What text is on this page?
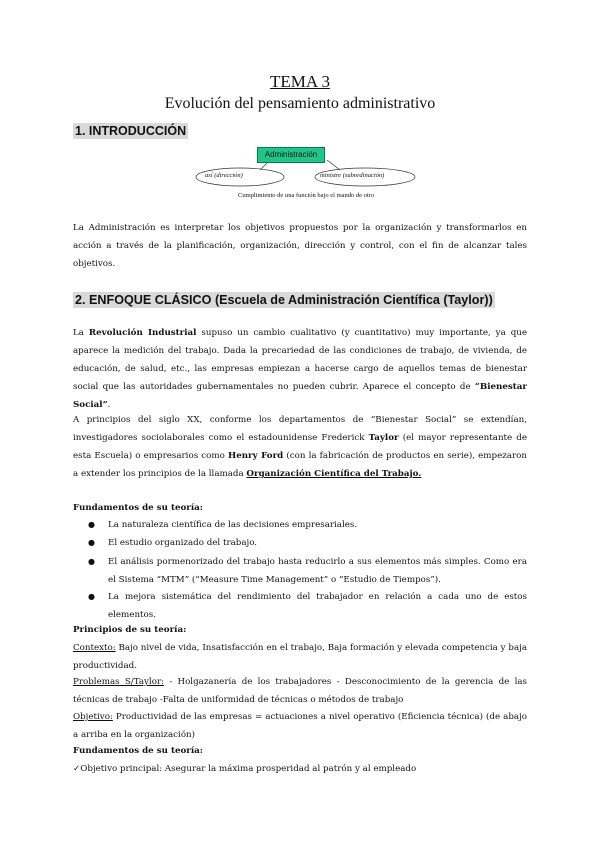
TEMA 3
Evolución del pensamiento administrativo
1. INTRODUCCIÓN
Administración
así (dirección)	ministre (subordinación)
Cumplimiento de una función bajo el mando de otro
La Administración es interpretar los objetivos propuestos por la organización y transformarlos en acción a través de la planificación, organización, dirección y control, con el fin de alcanzar tales objetivos.
2. ENFOQUE CLÁSICO (Escuela de Administración Científica (Taylor))
La Revolución Industrial supuso un cambio cualitativo (y cuantitativo) muy importante, ya que aparece la medición del trabajo. Dada la precariedad de las condiciones de trabajo, de vivienda, de educación, de salud, etc., las empresas empiezan a hacerse cargo de aquellos temas de bienestar social que las autoridades gubernamentales no pueden cubrir. Aparece el concepto de “Bienestar Social”.
A principios del siglo XX, conforme los departamentos de “Bienestar Social” se extendían, investigadores sociolaborales como el estadounidense Frederick Taylor (el mayor representante de esta Escuela) o empresarios como Henry Ford (con la fabricación de productos en serie), empezaron a extender los principios de la llamada Organización Científica del Trabajo.
Fundamentos de su teoría:
● La naturaleza científica de las decisiones empresariales.
● El estudio organizado del trabajo.
● El análisis pormenorizado del trabajo hasta reducirlo a sus elementos más simples. Como era el Sistema “MTM” (“Measure Time Management” o “Estudio de Tiempos”).
● La mejora sistemática del rendimiento del trabajador en relación a cada uno de estos elementos.
Principios de su teoría:
Contexto: Bajo nivel de vida, Insatisfacción en el trabajo, Baja formación y elevada competencia y baja productividad.
Problemas S/Taylor: - Holgazanería de los trabajadores - Desconocimiento de la gerencia de las técnicas de trabajo -Falta de uniformidad de técnicas o métodos de trabajo
Objetivo: Productividad de las empresas = actuaciones a nivel operativo (Eficiencia técnica) (de abajo a arriba en la organización)
Fundamentos de su teoría:
✓Objetivo principal: Asegurar la máxima prosperidad al patrón y al empleado
